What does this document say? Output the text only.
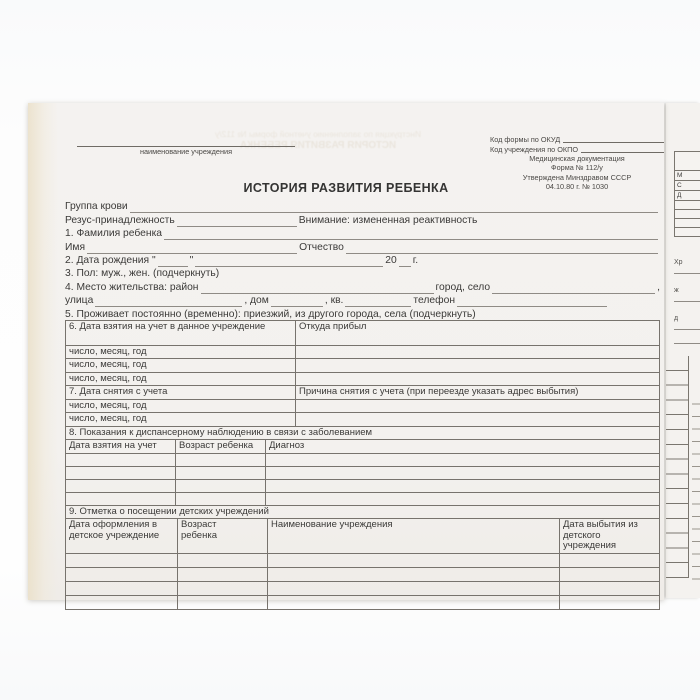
М
С
Д
Хр
ж
д
Инструкция по заполнению учетной формы № 112/у
ИСТОРИЯ РАЗВИТИЯ РЕБЕНКА
наименование учреждения
Код формы по ОКУД
Код учреждения по ОКПО
Медицинская документация
Форма № 112/у
Утверждена Минздравом СССР
04.10.80 г. № 1030
ИСТОРИЯ РАЗВИТИЯ РЕБЕНКА
Группа крови
Резус-принадлежность	Внимание: измененная реактивность
1. Фамилия ребенка
Имя	Отчество
2. Дата рождения "	"	20 г.
3. Пол: муж., жен. (подчеркнуть)
4. Место жительства: район	город, село	,
улица	, дом	, кв.	телефон
5. Проживает постоянно (временно): приезжий, из другого города, села (подчеркнуть)
6. Дата взятия на учет в данное учреждение	Откуда прибыл
число, месяц, год	
число, месяц, год	
число, месяц, год	
7. Дата снятия с учета	Причина снятия с учета (при переезде указать адрес выбытия)
число, месяц, год	
число, месяц, год	
8. Показания к диспансерному наблюдению в связи с заболеванием		
Дата взятия на учет	Возраст ребенка	Диагноз

9. Отметка о посещении детских учреждений			
Дата оформления в детское учреждение	Возраст ребенка	Наименование учреждения	Дата выбытия из детского учреждения
